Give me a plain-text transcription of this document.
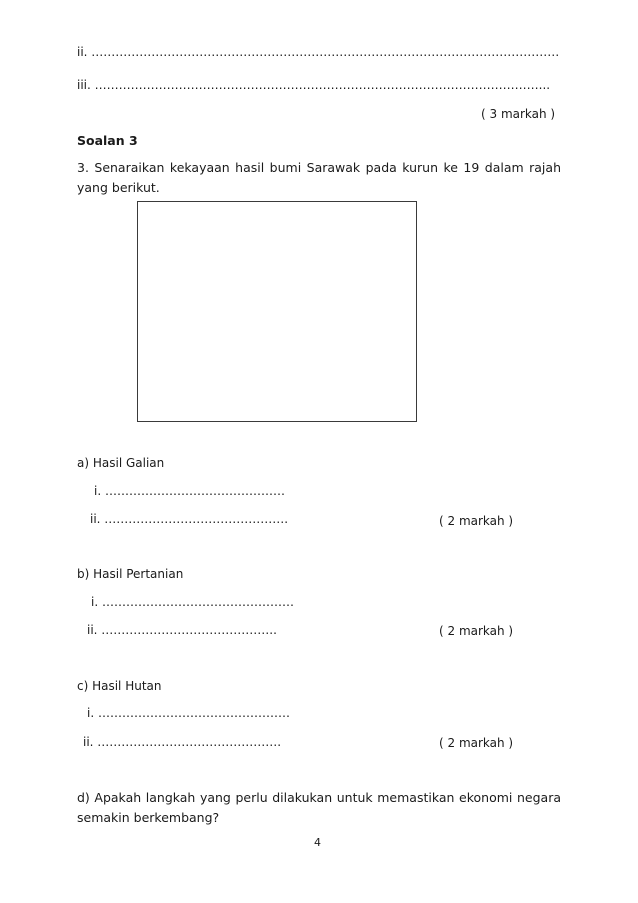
ii. ………………………………………………………………………………………………………
iii. …………………………………………………………………………………………………...
( 3 markah )
Soalan 3
3. Senaraikan kekayaan hasil bumi Sarawak pada kurun ke 19 dalam rajah yang berikut.
a) Hasil Galian
i. ………………………………………
ii. ……………………………………….	( 2 markah )
b) Hasil Pertanian
i. …………………………………………
ii. ……………………………………..	( 2 markah )
c) Hasil Hutan
i. …………………………………………
ii. ……………………………………….	( 2 markah )
d) Apakah langkah yang perlu dilakukan untuk memastikan ekonomi negara semakin berkembang?
4
